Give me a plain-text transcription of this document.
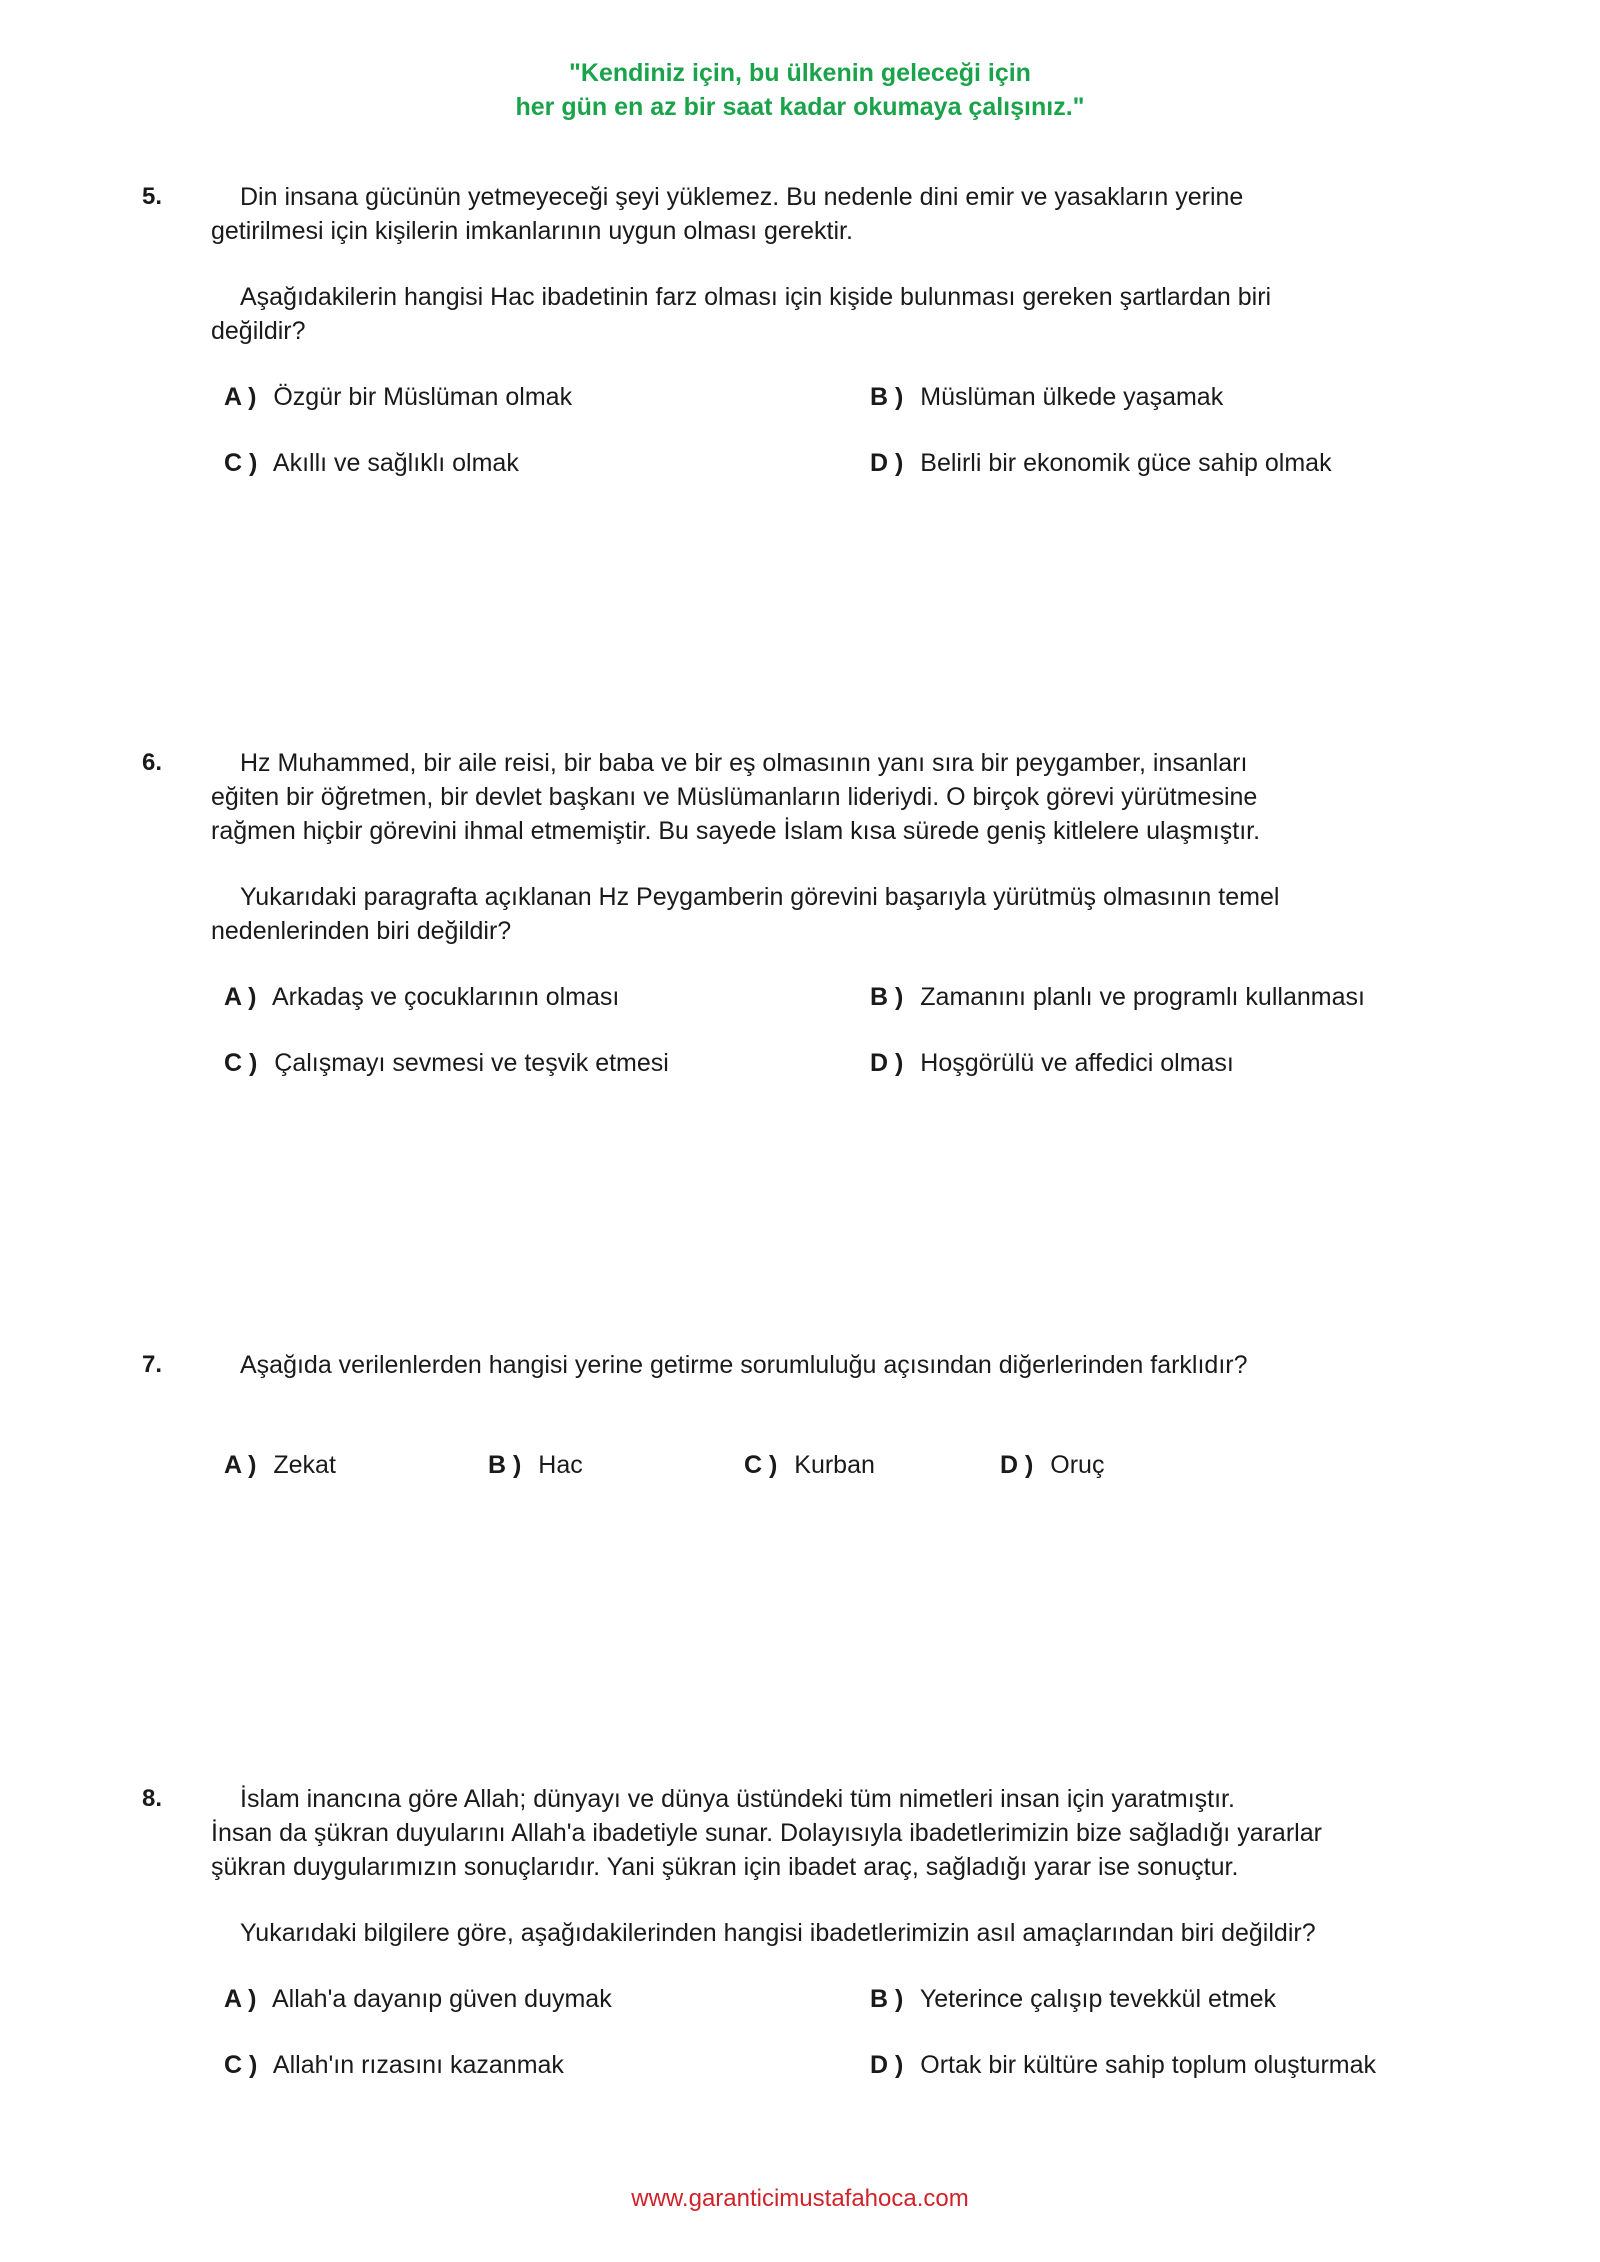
"Kendiniz için, bu ülkenin geleceği için
her gün en az bir saat kadar okumaya çalışınız."
5.	Din insana gücünün yetmeyeceği şeyi yüklemez. Bu nedenle dini emir ve yasakların yerine

getirilmesi için kişilerin imkanlarının uygun olması gerektir.

Aşağıdakilerin hangisi Hac ibadetinin farz olması için kişide bulunması gereken şartlardan biri

değildir?

A ) Özgür bir Müslüman olmak	B ) Müslüman ülkede yaşamak
C ) Akıllı ve sağlıklı olmak	D ) Belirli bir ekonomik güce sahip olmak
6.	Hz Muhammed, bir aile reisi, bir baba ve bir eş olmasının yanı sıra bir peygamber, insanları

eğiten bir öğretmen, bir devlet başkanı ve Müslümanların lideriydi. O birçok görevi yürütmesine

rağmen hiçbir görevini ihmal etmemiştir. Bu sayede İslam kısa sürede geniş kitlelere ulaşmıştır.

Yukarıdaki paragrafta açıklanan Hz Peygamberin görevini başarıyla yürütmüş olmasının temel

nedenlerinden biri değildir?

A ) Arkadaş ve çocuklarının olması	B ) Zamanını planlı ve programlı kullanması
C ) Çalışmayı sevmesi ve teşvik etmesi	D ) Hoşgörülü ve affedici olması
7.	Aşağıda verilenlerden hangisi yerine getirme sorumluluğu açısından diğerlerinden farklıdır?

A ) Zekat	B ) Hac	C ) Kurban	D ) Oruç
8.	İslam inancına göre Allah; dünyayı ve dünya üstündeki tüm nimetleri insan için yaratmıştır.

İnsan da şükran duyularını Allah'a ibadetiyle sunar. Dolayısıyla ibadetlerimizin bize sağladığı yararlar

şükran duygularımızın sonuçlarıdır. Yani şükran için ibadet araç, sağladığı yarar ise sonuçtur.

Yukarıdaki bilgilere göre, aşağıdakilerinden hangisi ibadetlerimizin asıl amaçlarından biri değildir?

A ) Allah'a dayanıp güven duymak	B ) Yeterince çalışıp tevekkül etmek
C ) Allah'ın rızasını kazanmak	D ) Ortak bir kültüre sahip toplum oluşturmak
www.garanticimustafahoca.com
